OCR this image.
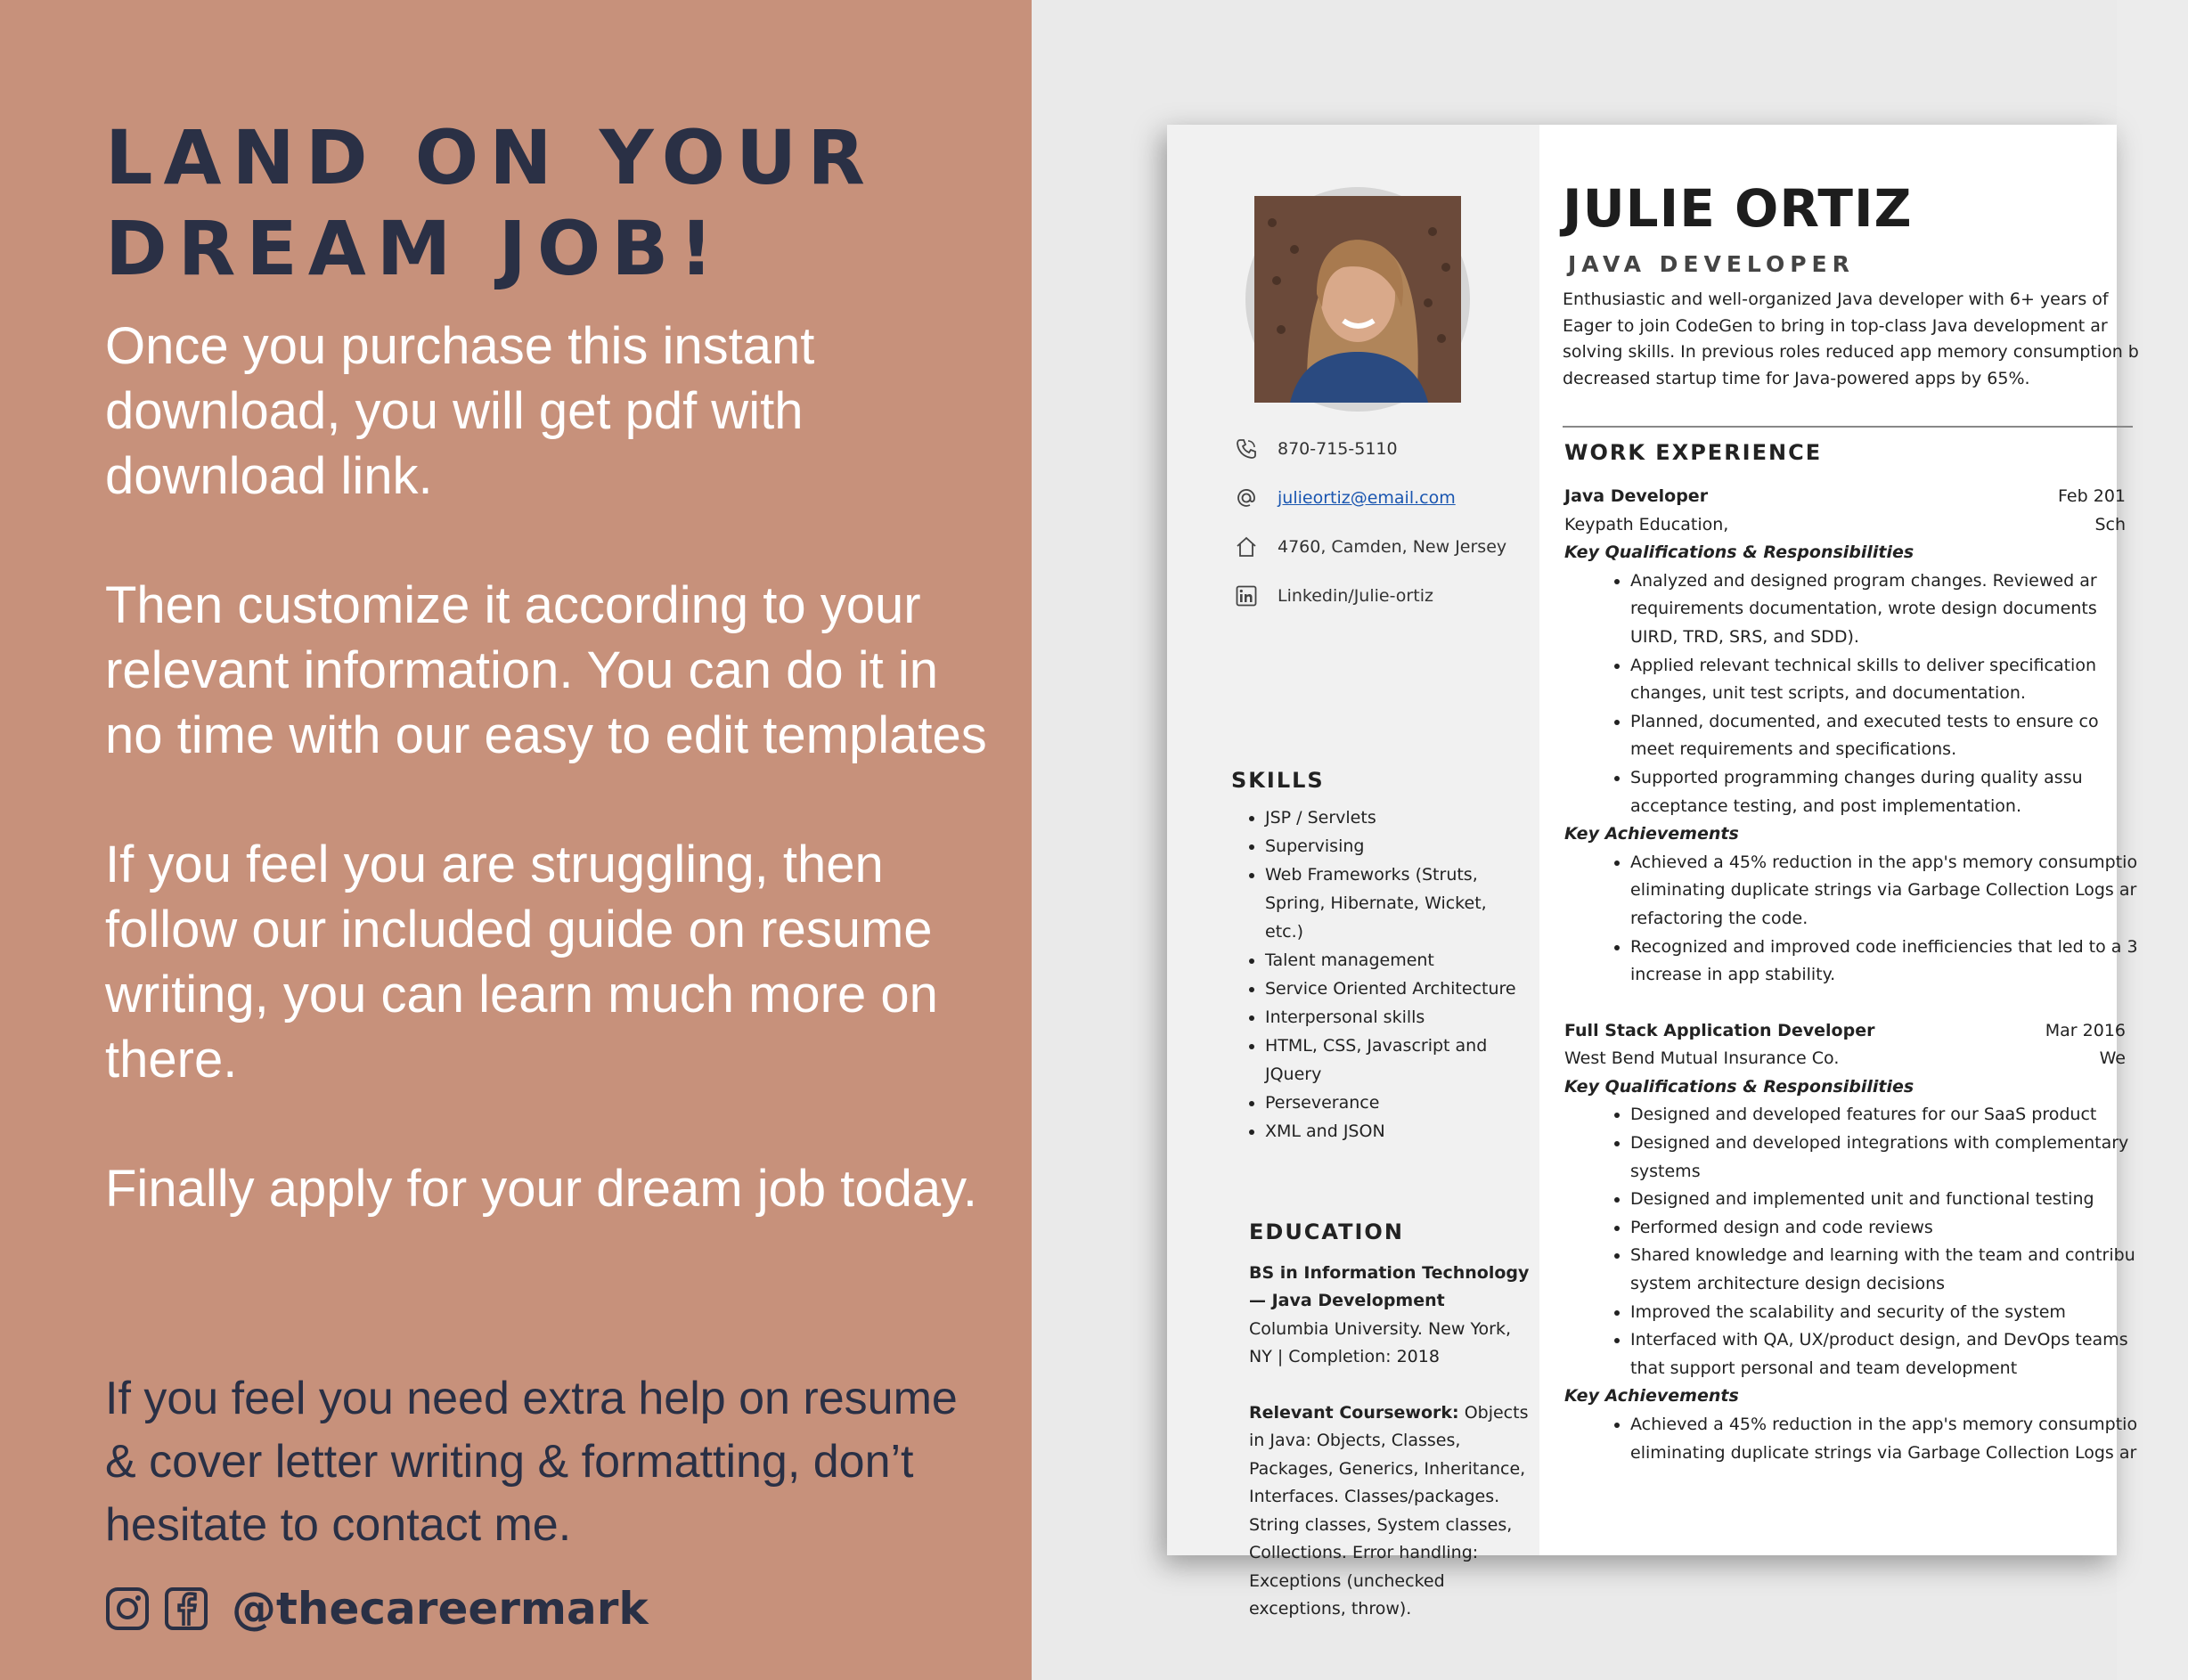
LAND ON YOUR
DREAM JOB!

Once you purchase this instant download, you will get pdf with download link.

Then customize it according to your relevant information. You can do it in no time with our easy to edit templates

If you feel you are struggling, then follow our included guide on resume writing, you can learn much more on there.

Finally apply for your dream job today.

If you feel you need extra help on resume & cover letter writing & formatting, don’t hesitate to contact me.
@thecareermark
870-715-5110
julieortiz@email.com
4760, Camden, New Jersey
Linkedin/Julie-ortiz
SKILLS
• JSP / Servlets
• Supervising
• Web Frameworks (Struts, Spring, Hibernate, Wicket, etc.)
• Talent management
• Service Oriented Architecture
• Interpersonal skills
• HTML, CSS, Javascript and JQuery
• Perseverance
• XML and JSON
EDUCATION

BS in Information Technology — Java Development

Columbia University. New York, NY | Completion: 2018

Relevant Coursework: Objects in Java: Objects, Classes, Packages, Generics, Inheritance, Interfaces. Classes/packages. String classes, System classes, Collections. Error handling: Exceptions (unchecked exceptions, throw).

JULIE ORTIZ
JAVA DEVELOPER
Enthusiastic and well-organized Java developer with 6+ years of
Eager to join CodeGen to bring in top-class Java development ar
solving skills. In previous roles reduced app memory consumption b
decreased startup time for Java-powered apps by 65%.
WORK EXPERIENCE
Java Developer	Feb 201
Keypath Education,	Sch
Key Qualifications & Responsibilities
• Analyzed and designed program changes. Reviewed ar
requirements documentation, wrote design documents
UIRD, TRD, SRS, and SDD).
• Applied relevant technical skills to deliver specification
changes, unit test scripts, and documentation.
• Planned, documented, and executed tests to ensure co
meet requirements and specifications.
• Supported programming changes during quality assu
acceptance testing, and post implementation.
Key Achievements
• Achieved a 45% reduction in the app's memory consumptio
eliminating duplicate strings via Garbage Collection Logs ar
refactoring the code.
• Recognized and improved code inefficiencies that led to a 3
increase in app stability.
Full Stack Application Developer	Mar 2016
West Bend Mutual Insurance Co.	We
Key Qualifications & Responsibilities
• Designed and developed features for our SaaS product
• Designed and developed integrations with complementary
systems
• Designed and implemented unit and functional testing
• Performed design and code reviews
• Shared knowledge and learning with the team and contribu
system architecture design decisions
• Improved the scalability and security of the system
• Interfaced with QA, UX/product design, and DevOps teams
that support personal and team development
Key Achievements
• Achieved a 45% reduction in the app's memory consumptio
eliminating duplicate strings via Garbage Collection Logs ar
